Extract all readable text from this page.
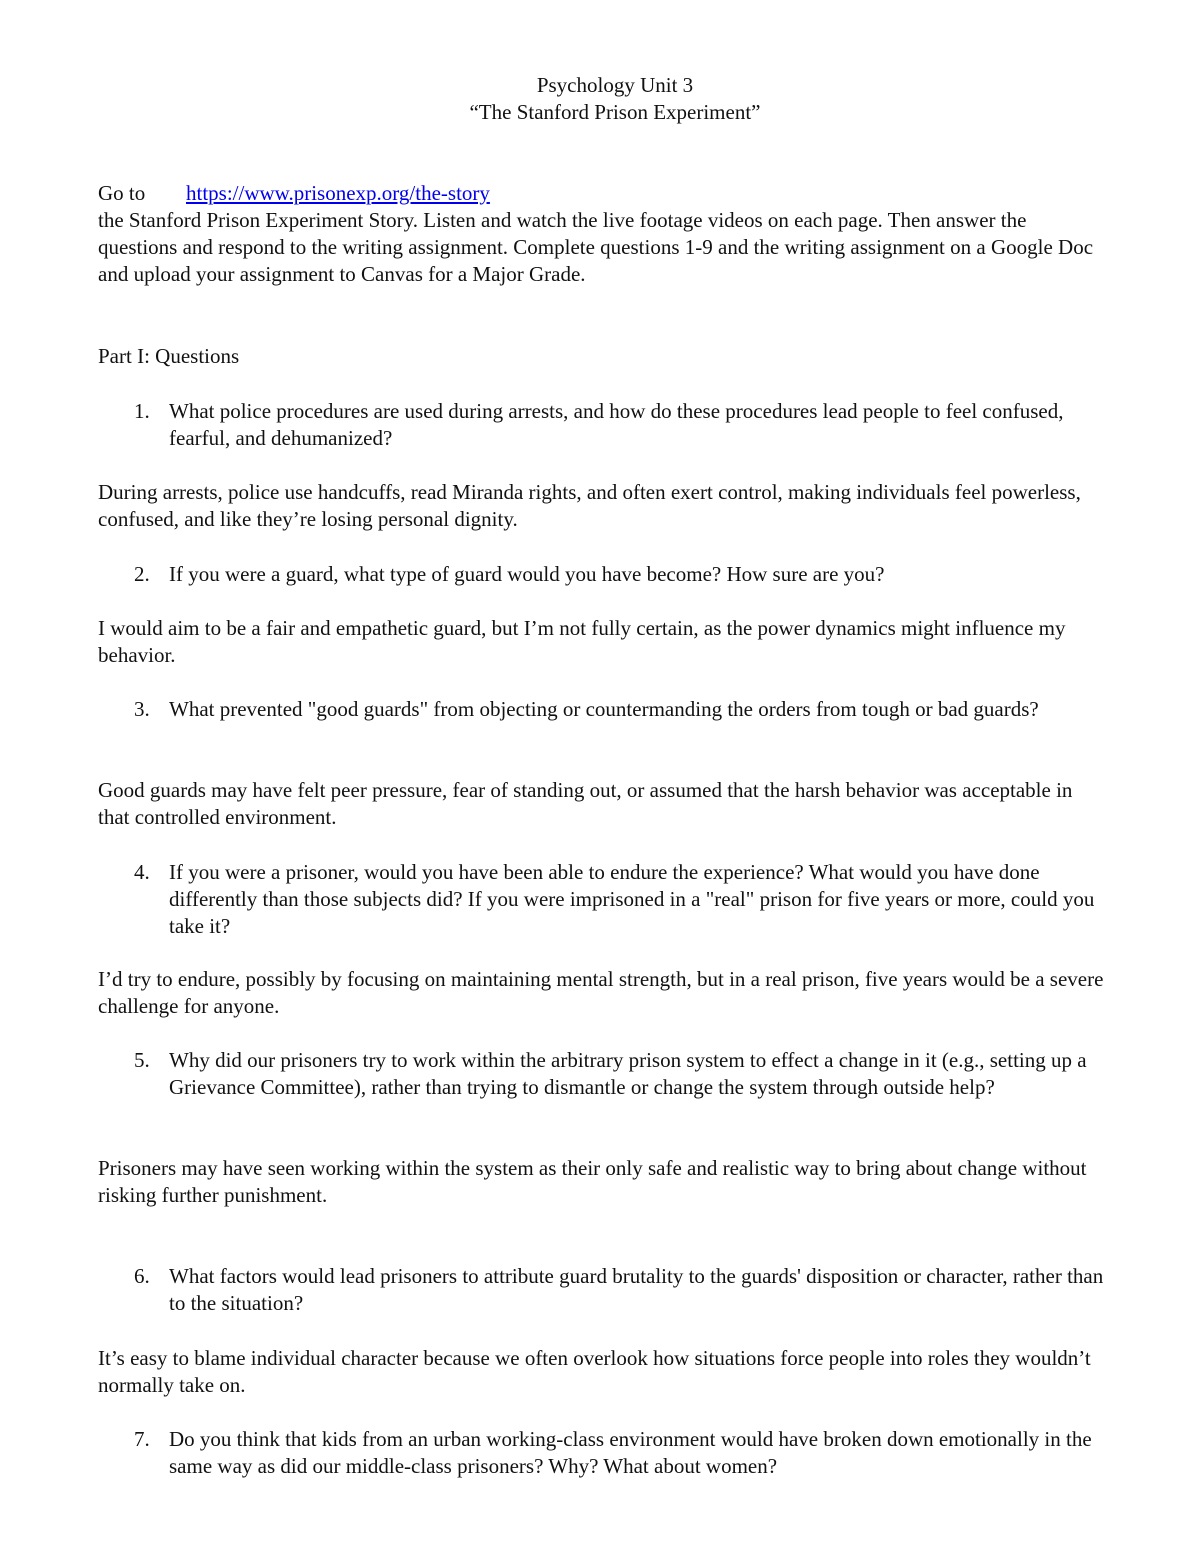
Psychology Unit 3
“The Stanford Prison Experiment”
Go to https://www.prisonexp.org/the-story

the Stanford Prison Experiment Story. Listen and watch the live footage videos on each page. Then answer the questions and respond to the writing assignment. Complete questions 1-9 and the writing assignment on a Google Doc and upload your assignment to Canvas for a Major Grade.

Part I: Questions

1. What police procedures are used during arrests, and how do these procedures lead people to feel confused, fearful, and dehumanized?

During arrests, police use handcuffs, read Miranda rights, and often exert control, making individuals feel powerless, confused, and like they’re losing personal dignity.

2. If you were a guard, what type of guard would you have become? How sure are you?

I would aim to be a fair and empathetic guard, but I’m not fully certain, as the power dynamics might influence my behavior.

3. What prevented "good guards" from objecting or countermanding the orders from tough or bad guards?

Good guards may have felt peer pressure, fear of standing out, or assumed that the harsh behavior was acceptable in that controlled environment.

4. If you were a prisoner, would you have been able to endure the experience? What would you have done differently than those subjects did? If you were imprisoned in a "real" prison for five years or more, could you take it?

I’d try to endure, possibly by focusing on maintaining mental strength, but in a real prison, five years would be a severe challenge for anyone.

5. Why did our prisoners try to work within the arbitrary prison system to effect a change in it (e.g., setting up a Grievance Committee), rather than trying to dismantle or change the system through outside help?

Prisoners may have seen working within the system as their only safe and realistic way to bring about change without risking further punishment.

6. What factors would lead prisoners to attribute guard brutality to the guards' disposition or character, rather than to the situation?

It’s easy to blame individual character because we often overlook how situations force people into roles they wouldn’t normally take on.

7. Do you think that kids from an urban working-class environment would have broken down emotionally in the same way as did our middle-class prisoners? Why? What about women?
